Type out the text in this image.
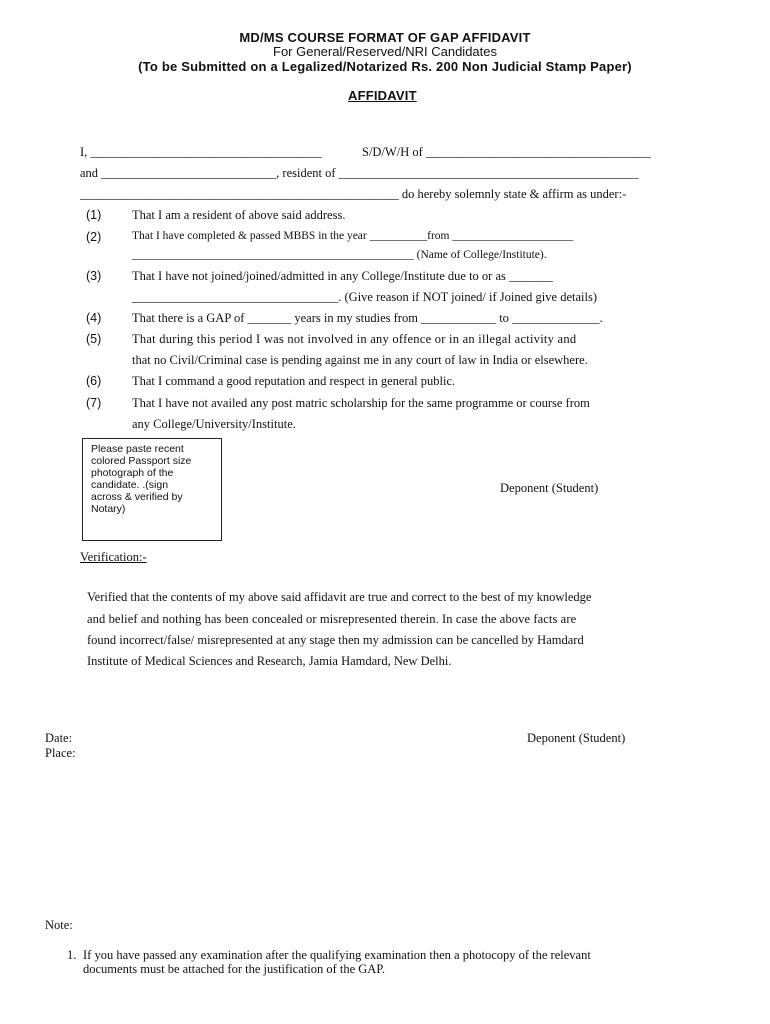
MD/MS COURSE FORMAT OF GAP AFFIDAVIT
For General/Reserved/NRI Candidates
(To be Submitted on a Legalized/Notarized Rs. 200 Non Judicial Stamp Paper)
AFFIDAVIT
I, _____________________________________	S/D/W/H of ____________________________________
and ____________________________, resident of ________________________________________________
___________________________________________________ do hereby solemnly state & affirm as under:-
(1) That I am a resident of above said address.
(2)	That I have completed & passed MBBS in the year __________from _____________________
_________________________________________________ (Name of College/Institute).
(3) That I have not joined/joined/admitted in any College/Institute due to or as _______
_________________________________. (Give reason if NOT joined/ if Joined give details)
(4) That there is a GAP of _______ years in my studies from ____________ to ______________.
(5) That during this period I was not involved in any offence or in an illegal activity and
that no Civil/Criminal case is pending against me in any court of law in India or elsewhere.
(6) That I command a good reputation and respect in general public.
(7) That I have not availed any post matric scholarship for the same programme or course from
any College/University/Institute.
Please paste recent
colored Passport size
photograph of the
candidate. .(sign
across & verified by
Notary)
Deponent (Student)
Verification:-
Verified that the contents of my above said affidavit are true and correct to the best of my knowledge
and belief and nothing has been concealed or misrepresented therein. In case the above facts are
found incorrect/false/ misrepresented at any stage then my admission can be cancelled by Hamdard
Institute of Medical Sciences and Research, Jamia Hamdard, New Delhi.
Date:
Place:
Deponent (Student)
Note:
1. If you have passed any examination after the qualifying examination then a photocopy of the relevant
documents must be attached for the justification of the GAP.
